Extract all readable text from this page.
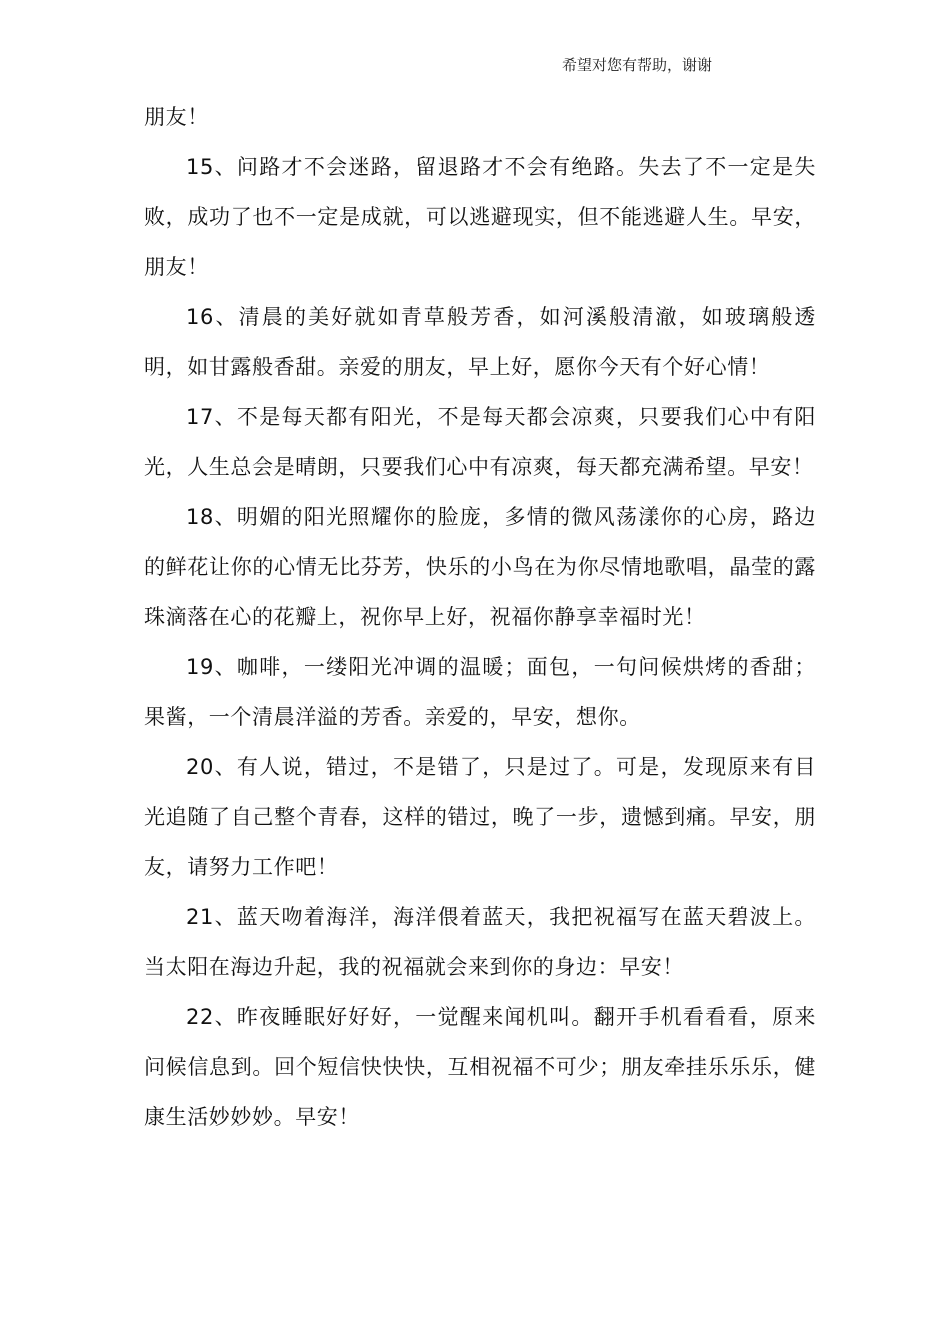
希望对您有帮助，谢谢

朋友！

15、问路才不会迷路，留退路才不会有绝路。失去了不一定是失败，成功了也不一定是成就，可以逃避现实，但不能逃避人生。早安，朋友！

16、清晨的美好就如青草般芳香，如河溪般清澈，如玻璃般透明，如甘露般香甜。亲爱的朋友，早上好，愿你今天有个好心情！

17、不是每天都有阳光，不是每天都会凉爽，只要我们心中有阳光，人生总会是晴朗，只要我们心中有凉爽，每天都充满希望。早安！

18、明媚的阳光照耀你的脸庞，多情的微风荡漾你的心房，路边的鲜花让你的心情无比芬芳，快乐的小鸟在为你尽情地歌唱，晶莹的露珠滴落在心的花瓣上，祝你早上好，祝福你静享幸福时光！

19、咖啡，一缕阳光冲调的温暖；面包，一句问候烘烤的香甜；果酱，一个清晨洋溢的芳香。亲爱的，早安，想你。

20、有人说，错过，不是错了，只是过了。可是，发现原来有目光追随了自己整个青春，这样的错过，晚了一步，遗憾到痛。早安，朋友，请努力工作吧！

21、蓝天吻着海洋，海洋偎着蓝天，我把祝福写在蓝天碧波上。当太阳在海边升起，我的祝福就会来到你的身边：早安！

22、昨夜睡眠好好好，一觉醒来闻机叫。翻开手机看看看，原来问候信息到。回个短信快快快，互相祝福不可少；朋友牵挂乐乐乐，健康生活妙妙妙。早安！
